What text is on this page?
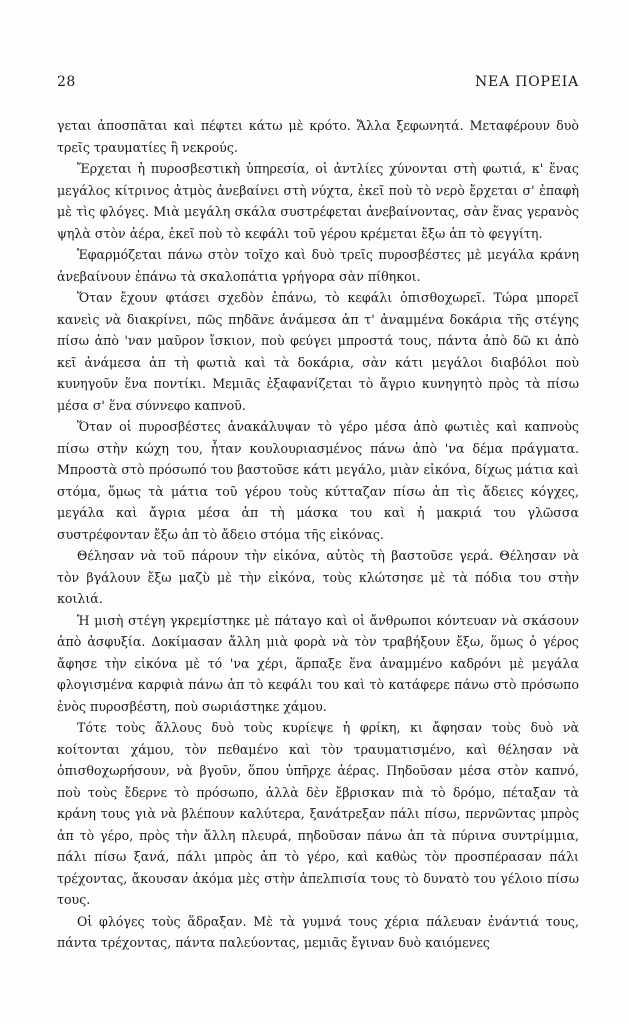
28	ΝΕΑ ΠΟΡΕΙΑ

γεται ἀποσπᾶται καὶ πέφτει κάτω μὲ κρότο. Ἄλλα ξεφωνητά. Μεταφέρουν δυὸ τρεῖς τραυματίες ἢ νεκρούς.

Ἔρχεται ἡ πυροσβεστικὴ ὑπηρεσία, οἱ ἀντλίες χύνονται στὴ φωτιά, κ' ἕνας μεγάλος κίτρινος ἀτμὸς ἀνεβαίνει στὴ νύχτα, ἐκεῖ ποὺ τὸ νερὸ ἔρχεται σ' ἐπαφὴ μὲ τὶς φλόγες. Μιὰ μεγάλη σκάλα συστρέφεται ἀνεβαίνοντας, σὰν ἕνας γερανὸς ψηλὰ στὸν ἀέρα, ἐκεῖ ποὺ τὸ κεφάλι τοῦ γέρου κρέμεται ἔξω ἀπ τὸ φεγγίτη.

Ἐφαρμόζεται πάνω στὸν τοῖχο καὶ δυὸ τρεῖς πυροσβέστες μὲ μεγάλα κράνη ἀνεβαίνουν ἐπάνω τὰ σκαλοπάτια γρήγορα σὰν πίθηκοι.

Ὅταν ἔχουν φτάσει σχεδὸν ἐπάνω, τὸ κεφάλι ὀπισθοχωρεῖ. Τώρα μπορεῖ κανεὶς νὰ διακρίνει, πῶς πηδᾶνε ἀνάμεσα ἀπ τ' ἀναμμένα δοκάρια τῆς στέγης πίσω ἀπὸ 'ναν μαῦρον ἴσκιον, ποὺ φεύγει μπροστά τους, πάντα ἀπὸ δῶ κι ἀπὸ κεῖ ἀνάμεσα ἀπ τὴ φωτιὰ καὶ τὰ δοκάρια, σὰν κάτι μεγάλοι διαβόλοι ποὺ κυνηγοῦν ἕνα ποντίκι. Μεμιᾶς ἐξαφανίζεται τὸ ἄγριο κυνηγητὸ πρὸς τὰ πίσω μέσα σ' ἕνα σύννεφο καπνοῦ.

Ὅταν οἱ πυροσβέστες ἀνακάλυψαν τὸ γέρο μέσα ἀπὸ φωτιὲς καὶ καπνοὺς πίσω στὴν κώχη του, ἦταν κουλουριασμένος πάνω ἀπὸ 'να δέμα πράγματα. Μπροστὰ στὸ πρόσωπό του βαστοῦσε κάτι μεγάλο, μιὰν εἰκόνα, δίχως μάτια καὶ στόμα, ὅμως τὰ μάτια τοῦ γέρου τοὺς κύτταζαν πίσω ἀπ τὶς ἄδειες κόγχες, μεγάλα καὶ ἄγρια μέσα ἀπ τὴ μάσκα του καὶ ἡ μακριά του γλῶσσα συστρέφονταν ἔξω ἀπ τὸ ἄδειο στόμα τῆς εἰκόνας.

Θέλησαν νὰ τοῦ πάρουν τὴν εἰκόνα, αὐτὸς τὴ βαστοῦσε γερά. Θέλησαν νὰ τὸν βγάλουν ἔξω μαζὺ μὲ τὴν εἰκόνα, τοὺς κλώτσησε μὲ τὰ πόδια του στὴν κοιλιά.

Ἡ μισὴ στέγη γκρεμίστηκε μὲ πάταγο καὶ οἱ ἄνθρωποι κόντευαν νὰ σκάσουν ἀπὸ ἀσφυξία. Δοκίμασαν ἄλλη μιὰ φορὰ νὰ τὸν τραβήξουν ἔξω, ὅμως ὁ γέρος ἄφησε τὴν εἰκόνα μὲ τό 'να χέρι, ἅρπαξε ἕνα ἀναμμένο καδρόνι μὲ μεγάλα φλογισμένα καρφιὰ πάνω ἀπ τὸ κεφάλι του καὶ τὸ κατάφερε πάνω στὸ πρόσωπο ἑνὸς πυροσβέστη, ποὺ σωριάστηκε χάμου.

Τότε τοὺς ἄλλους δυὸ τοὺς κυρίεψε ἡ φρίκη, κι ἄφησαν τοὺς δυὸ νὰ κοίτονται χάμου, τὸν πεθαμένο καὶ τὸν τραυματισμένο, καὶ θέλησαν νὰ ὀπισθοχωρήσουν, νὰ βγοῦν, ὅπου ὑπῆρχε ἀέρας. Πηδοῦσαν μέσα στὸν καπνό, ποὺ τοὺς ἔδερνε τὸ πρόσωπο, ἀλλὰ δὲν ἔβρισκαν πιὰ τὸ δρόμο, πέταξαν τὰ κράνη τους γιὰ νὰ βλέπουν καλύτερα, ξανάτρεξαν πάλι πίσω, περνῶντας μπρὸς ἀπ τὸ γέρο, πρὸς τὴν ἄλλη πλευρά, πηδοῦσαν πάνω ἀπ τὰ πύρινα συντρίμμια, πάλι πίσω ξανά, πάλι μπρὸς ἀπ τὸ γέρο, καὶ καθὼς τὸν προσπέρασαν πάλι τρέχοντας, ἄκουσαν ἀκόμα μὲς στὴν ἀπελπισία τους τὸ δυνατὸ του γέλοιο πίσω τους.

Οἱ φλόγες τοὺς ἅδραξαν. Μὲ τὰ γυμνά τους χέρια πάλευαν ἐνάντιά τους, πάντα τρέχοντας, πάντα παλεύοντας, μεμιᾶς ἔγιναν δυὸ καιόμενες
